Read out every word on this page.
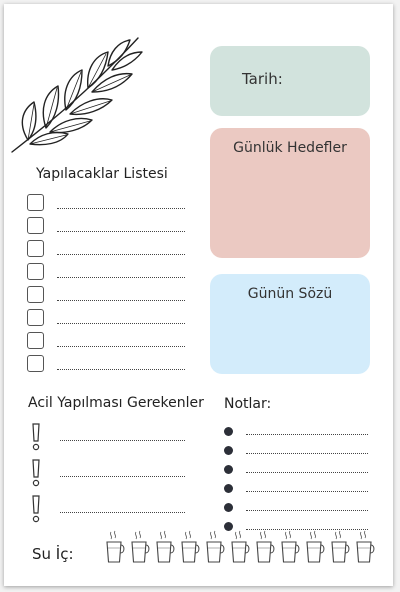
Tarih:
Günlük Hedefler
Günün Sözü
Yapılacaklar Listesi
Acil Yapılması Gerekenler Notlar:
Su İç:
